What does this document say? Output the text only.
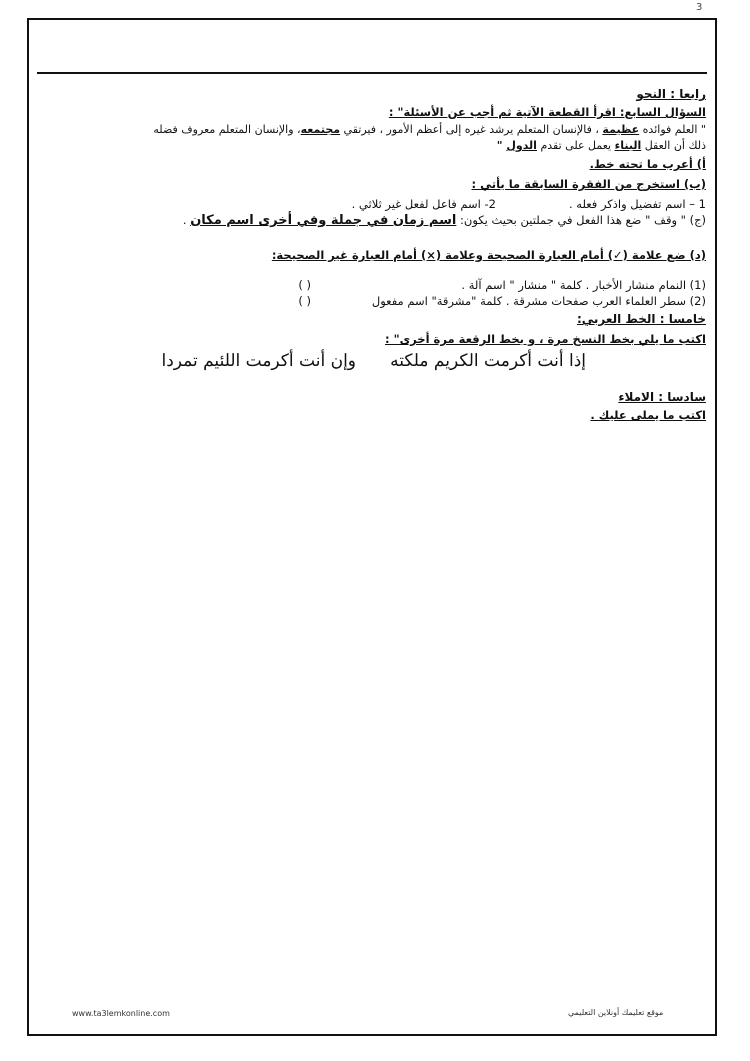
3
رابعا : النحو
السؤال السابع: اقرأ القطعة الآتية ثم أجب عن الأسئلة" :
" العلم فوائده عظيمة ، فالإنسان المتعلم يرشد غيره إلى أعظم الأمور ، فيرتقي مجتمعه، والإنسان المتعلم معروف فضله
ذلك أن العقل البناء يعمل على تقدم الدول "
أ) أعرب ما تحته خط.
(ب) استخرج من الفقرة السابقة ما يأتي :
1 – اسم تفضيل واذكر فعله .
2- اسم فاعل لفعل غير ثلاثي .
(ج) " وقف " ضع هذا الفعل في جملتين بحيث يكون: اسم زمان في جملة وفي أخرى اسم مكان .
(د) ضع علامة (✓) أمام العبارة الصحيحة وعلامة (×) أمام العبارة غير الصحيحة:
(1) النمام منشار الأخبار . كلمة " منشار " اسم آلة .
( )
(2) سطر العلماء العرب صفحات مشرقة . كلمة "مشرقة" اسم مفعول
( )
خامسا : الخط العربي:
اكتب ما يلي بخط النسخ مرة ، و بخط الرقعة مرة أخرى" :
إذا أنت أكرمت الكريم ملكته
وإن أنت أكرمت اللئيم تمردا
سادسا : الاملاء
اكتب ما يملى عليك .
www.ta3lemkonline.com	موقع تعليمك أونلاين التعليمي
